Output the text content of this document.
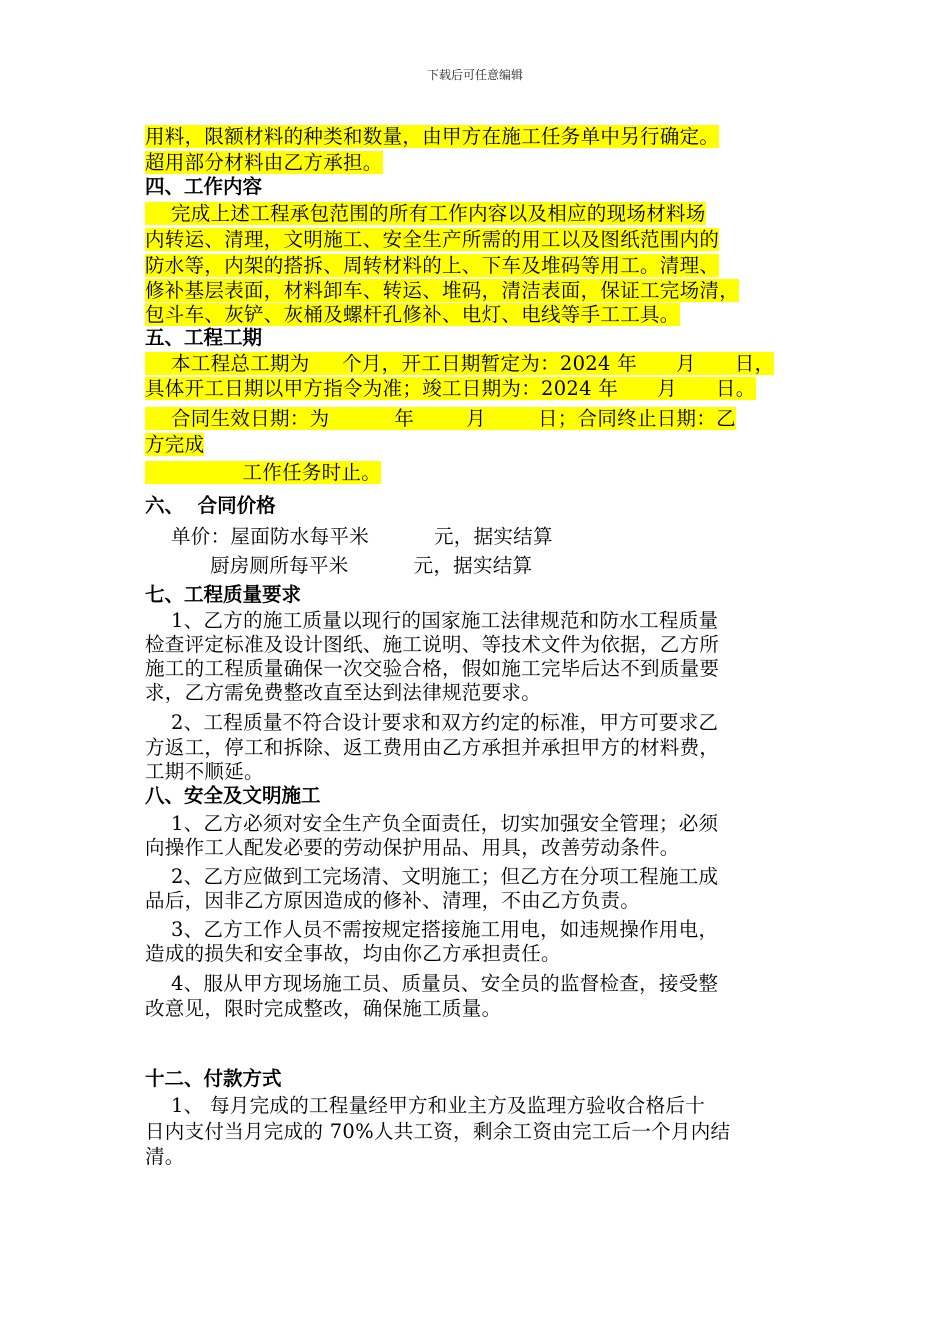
下载后可任意编辑
用料，限额材料的种类和数量，由甲方在施工任务单中另行确定。
超用部分材料由乙方承担。
四、工作内容
完成上述工程承包范围的所有工作内容以及相应的现场材料场
内转运、清理，文明施工、安全生产所需的用工以及图纸范围内的
防水等，内架的搭拆、周转材料的上、下车及堆码等用工。清理、
修补基层表面，材料卸车、转运、堆码，清洁表面，保证工完场清，
包斗车、灰铲、灰桶及螺杆孔修补、电灯、电线等手工工具。
五、工程工期
本工程总工期为     个月，开工日期暂定为：2024 年      月      日，
具体开工日期以甲方指令为准；竣工日期为：2024 年      月      日。
合同生效日期：为          年        月        日；合同终止日期：乙
方完成
工作任务时止。
六、  合同价格
单价：屋面防水每平米          元，据实结算
厨房厕所每平米          元，据实结算
七、工程质量要求
1、乙方的施工质量以现行的国家施工法律规范和防水工程质量
检查评定标准及设计图纸、施工说明、等技术文件为依据，乙方所
施工的工程质量确保一次交验合格，假如施工完毕后达不到质量要
求，乙方需免费整改直至达到法律规范要求。
2、工程质量不符合设计要求和双方约定的标准，甲方可要求乙
方返工，停工和拆除、返工费用由乙方承担并承担甲方的材料费，
工期不顺延。
八、安全及文明施工
1、乙方必须对安全生产负全面责任，切实加强安全管理；必须
向操作工人配发必要的劳动保护用品、用具，改善劳动条件。
2、乙方应做到工完场清、文明施工；但乙方在分项工程施工成
品后，因非乙方原因造成的修补、清理，不由乙方负责。
3、乙方工作人员不需按规定搭接施工用电，如违规操作用电，
造成的损失和安全事故，均由你乙方承担责任。
4、服从甲方现场施工员、质量员、安全员的监督检查，接受整
改意见，限时完成整改，确保施工质量。
十二、付款方式
1、 每月完成的工程量经甲方和业主方及监理方验收合格后十
日内支付当月完成的 70%人共工资，剩余工资由完工后一个月内结
清。
